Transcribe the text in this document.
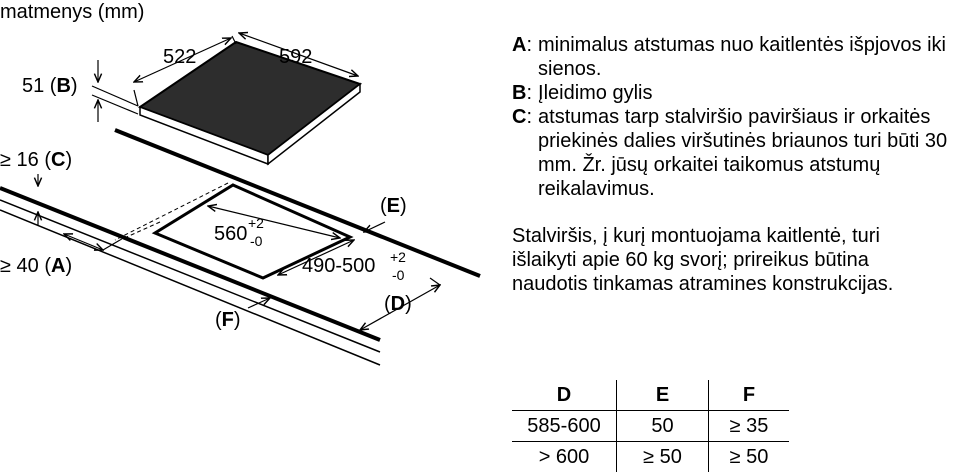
matmenys (mm)
522	592
51 (B)
≥ 16 (C)
≥ 40 (A)
560 +2
-0
490-500 +2
-0
(E)
(F)
(D)
A : minimalus atstumas nuo kaitlentės išpjovos iki sienos.
B : Įleidimo gylis
C : atstumas tarp stalviršio paviršiaus ir orkaitės priekinės dalies viršutinės briaunos turi būti 30 mm. Žr. jūsų orkaitei taikomus atstumų reikalavimus.
Stalviršis, į kurį montuojama kaitlentė, turi išlaikyti apie 60 kg svorį; prireikus būtina naudotis tinkamas atramines konstrukcijas.
D	E	F
585-600	50	≥ 35
> 600	≥ 50	≥ 50
